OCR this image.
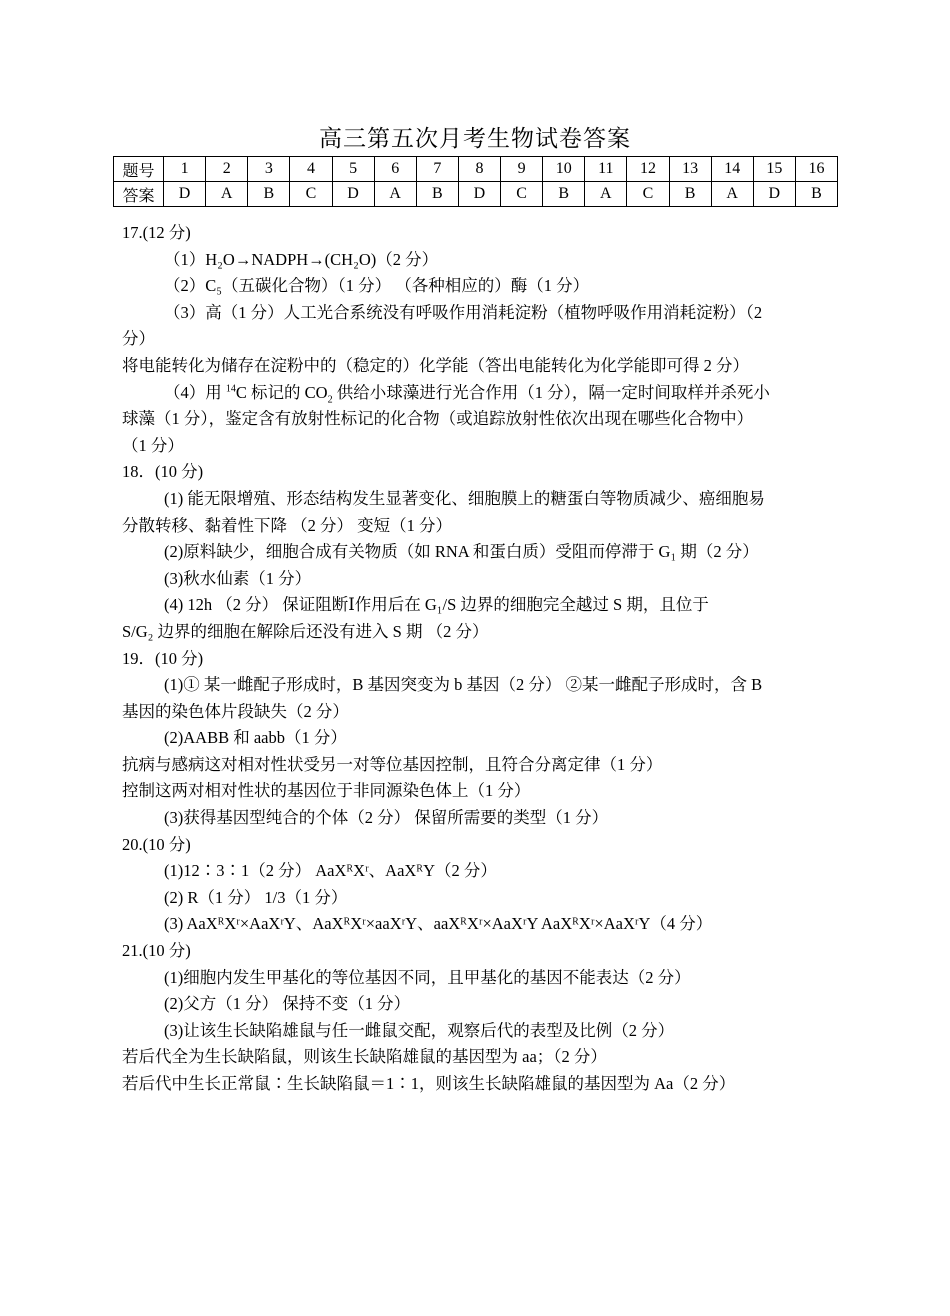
高三第五次月考生物试卷答案
题号	1	2	3	4	5	6	7	8	9	10	11	12	13	14	15	16
答案	D	A	B	C	D	A	B	D	C	B	A	C	B	A	D	B
17.(12 分)
（1）H₂O→NADPH→(CH₂O)（2 分）
（2）C₅（五碳化合物）（1 分） （各种相应的）酶（1 分）
（3）高（1 分）人工光合系统没有呼吸作用消耗淀粉（植物呼吸作用消耗淀粉）（2
分）
将电能转化为储存在淀粉中的（稳定的）化学能（答出电能转化为化学能即可得 2 分）
（4）用 $^{14}$C 标记的 $CO_2$ 供给小球藻进行光合作用（1 分），隔一定时间取样并杀死小
球藻（1 分），鉴定含有放射性标记的化合物（或追踪放射性依次出现在哪些化合物中）
（1 分）
18．(10 分)
(1) 能无限增殖、形态结构发生显著变化、细胞膜上的糖蛋白等物质减少、癌细胞易
分散转移、黏着性下降 （2 分） 变短（1 分）
(2)原料缺少，细胞合成有关物质（如 RNA 和蛋白质）受阻而停滞于 G₁ 期（2 分）
(3)秋水仙素（1 分）
(4) 12h （2 分） 保证阻断Ⅰ作用后在 G₁/S 边界的细胞完全越过 S 期，且位于
S/G₂ 边界的细胞在解除后还没有进入 S 期 （2 分）
19．(10 分)
(1)① 某一雌配子形成时，B 基因突变为 b 基因（2 分） ②某一雌配子形成时，含 B
基因的染色体片段缺失（2 分）
(2)AABB 和 aabb（1 分）
抗病与感病这对相对性状受另一对等位基因控制，且符合分离定律（1 分）
控制这两对相对性状的基因位于非同源染色体上（1 分）
(3)获得基因型纯合的个体（2 分） 保留所需要的类型（1 分）
20.(10 分)
(1)12∶3∶1（2 分） AaXᴿXʳ、AaXᴿY（2 分）
(2) R（1 分） 1/3（1 分）
(3) AaXᴿXʳ×AaXʳY、AaXᴿXʳ×aaXʳY、aaXᴿXʳ×AaXʳY AaXᴿXʳ×AaXʳY（4 分）
21.(10 分)
(1)细胞内发生甲基化的等位基因不同，且甲基化的基因不能表达（2 分）
(2)父方（1 分） 保持不变（1 分）
(3)让该生长缺陷雄鼠与任一雌鼠交配，观察后代的表型及比例（2 分）
若后代全为生长缺陷鼠，则该生长缺陷雄鼠的基因型为 aa；（2 分）
若后代中生长正常鼠∶生长缺陷鼠＝1∶1，则该生长缺陷雄鼠的基因型为 Aa（2 分）
